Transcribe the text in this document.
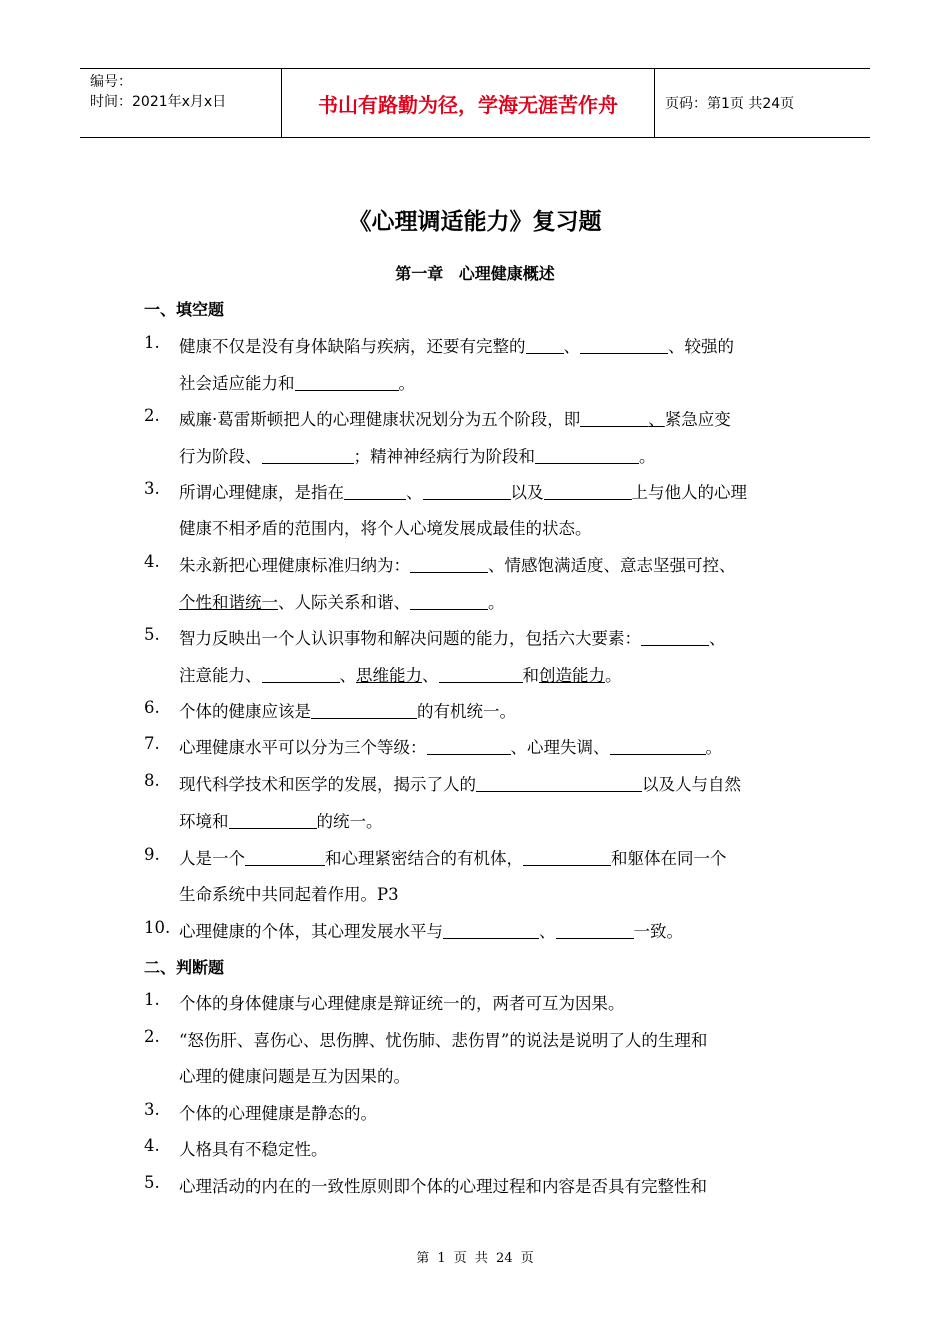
编号：
时间：2021年x月x日	书山有路勤为径，学海无涯苦作舟	页码：第1页 共24页
《心理调适能力》复习题
第一章 心理健康概述
一、填空题
1. 健康不仅是没有身体缺陷与疾病，还要有完整的 、	、较强的
社会适应能力和	。
2. 威廉·葛雷斯顿把人的心理健康状况划分为五个阶段，即	、紧急应变
行为阶段、	；精神神经病行为阶段和	。
3. 所谓心理健康，是指在	、	以及	上与他人的心理
健康不相矛盾的范围内，将个人心境发展成最佳的状态。
4. 朱永新把心理健康标准归纳为：	、情感饱满适度、意志坚强可控、
个性和谐统一、人际关系和谐、	。
5. 智力反映出一个人认识事物和解决问题的能力，包括六大要素：	、
注意能力、	、思维能力、	和创造能力。
6. 个体的健康应该是	的有机统一。
7. 心理健康水平可以分为三个等级：	、心理失调、	。
8. 现代科学技术和医学的发展，揭示了人的	以及人与自然
环境和	的统一。
9. 人是一个	和心理紧密结合的有机体，	和躯体在同一个
生命系统中共同起着作用。P3
10. 心理健康的个体，其心理发展水平与	、	一致。
二、判断题
1. 个体的身体健康与心理健康是辩证统一的，两者可互为因果。
2. “怒伤肝、喜伤心、思伤脾、忧伤肺、悲伤胃”的说法是说明了人的生理和
心理的健康问题是互为因果的。
3. 个体的心理健康是静态的。
4. 人格具有不稳定性。
5. 心理活动的内在的一致性原则即个体的心理过程和内容是否具有完整性和
第 1 页 共 24 页
